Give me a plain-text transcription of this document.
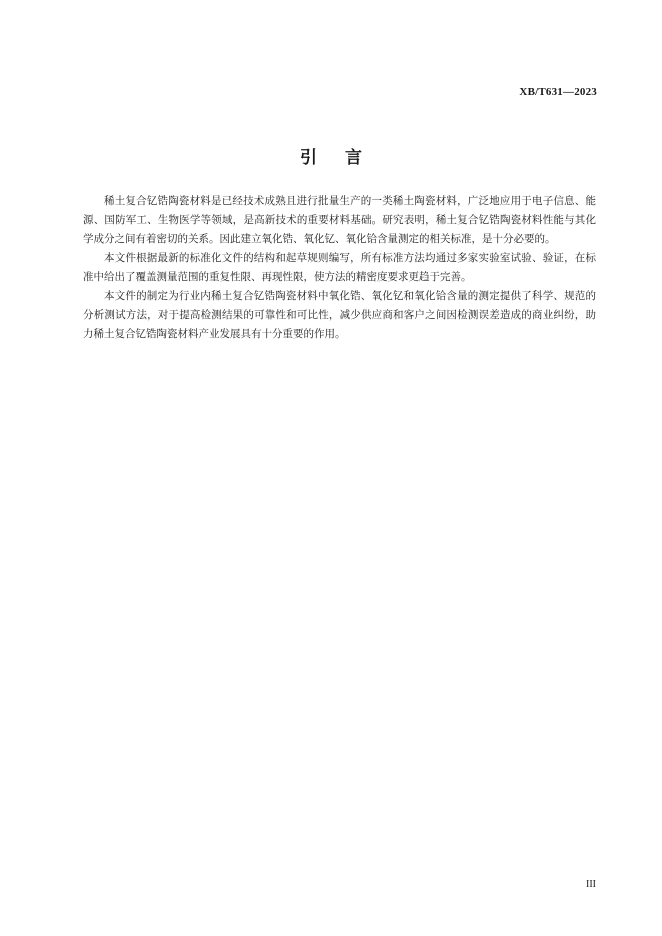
XB/T631—2023
引言

稀土复合钇锆陶瓷材料是已经技术成熟且进行批量生产的一类稀土陶瓷材料，广泛地应用于电子信息、能源、国防军工、生物医学等领域，是高新技术的重要材料基础。研究表明，稀土复合钇锆陶瓷材料性能与其化学成分之间有着密切的关系。因此建立氧化锆、氧化钇、氧化铪含量测定的相关标准，是十分必要的。

本文件根据最新的标准化文件的结构和起草规则编写，所有标准方法均通过多家实验室试验、验证，在标准中给出了覆盖测量范围的重复性限、再现性限，使方法的精密度要求更趋于完善。

本文件的制定为行业内稀土复合钇锆陶瓷材料中氧化锆、氧化钇和氧化铪含量的测定提供了科学、规范的分析测试方法，对于提高检测结果的可靠性和可比性，减少供应商和客户之间因检测误差造成的商业纠纷，助力稀土复合钇锆陶瓷材料产业发展具有十分重要的作用。

III
